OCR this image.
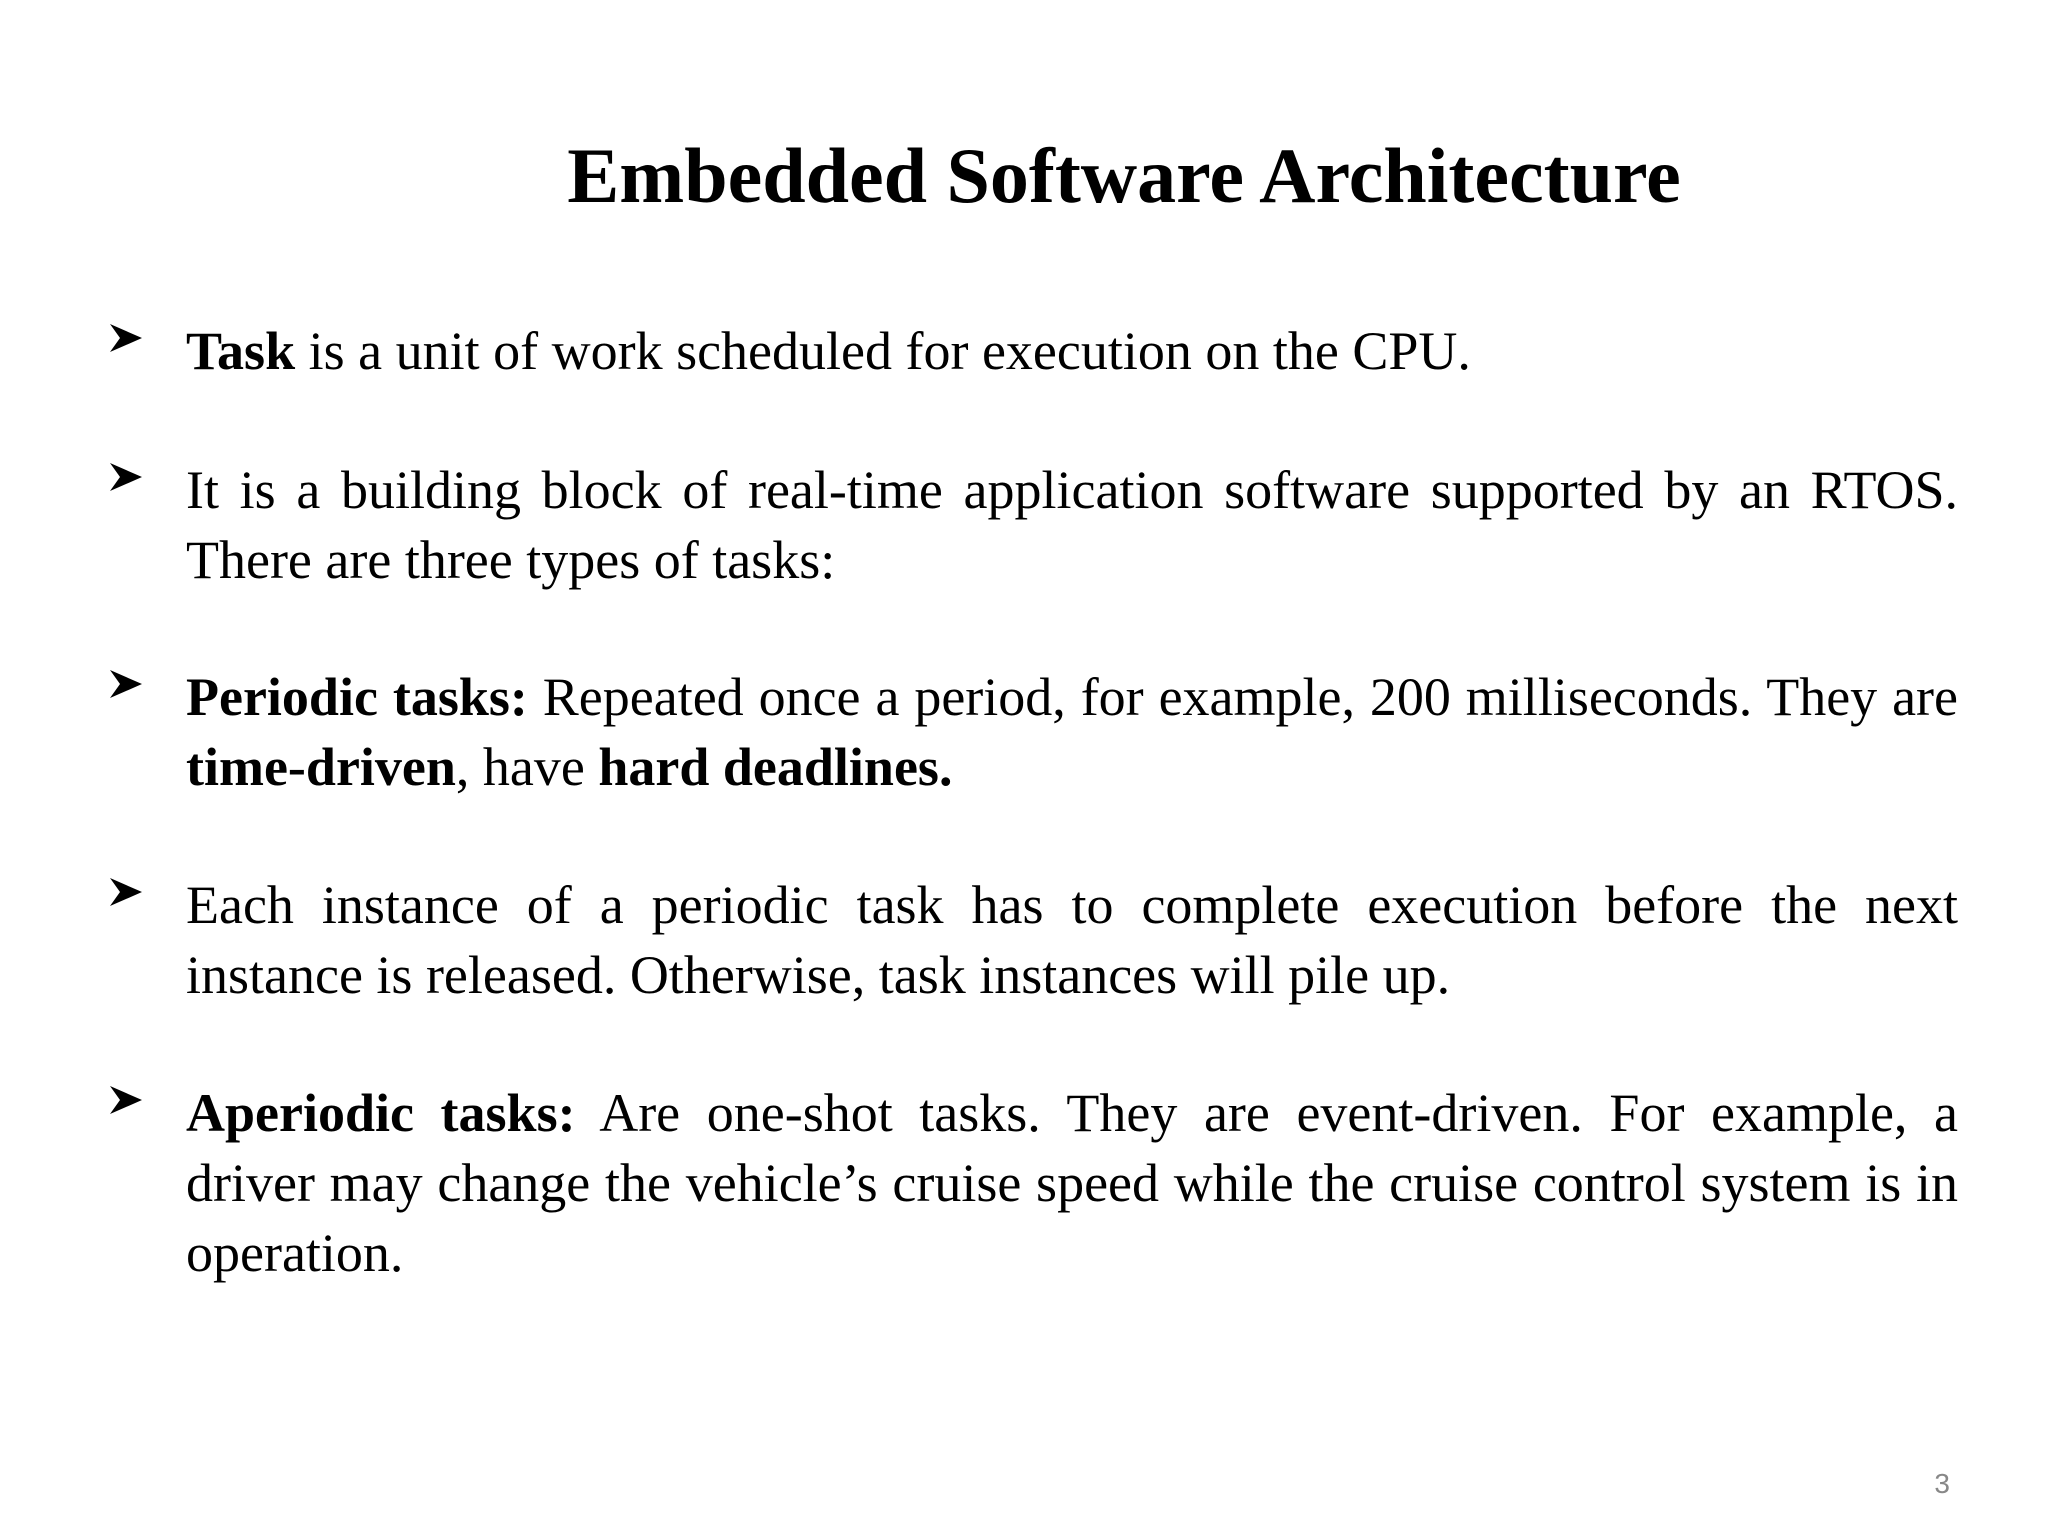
Embedded Software Architecture
Task is a unit of work scheduled for execution on the CPU.
It is a building block of real-time application software supported by an RTOS. There are three types of tasks:
Periodic tasks: Repeated once a period, for example, 200 milliseconds. They are time-driven, have hard deadlines.
Each instance of a periodic task has to complete execution before the next instance is released. Otherwise, task instances will pile up.
Aperiodic tasks: Are one-shot tasks. They are event-driven. For example, a driver may change the vehicle’s cruise speed while the cruise control system is in operation.
3
